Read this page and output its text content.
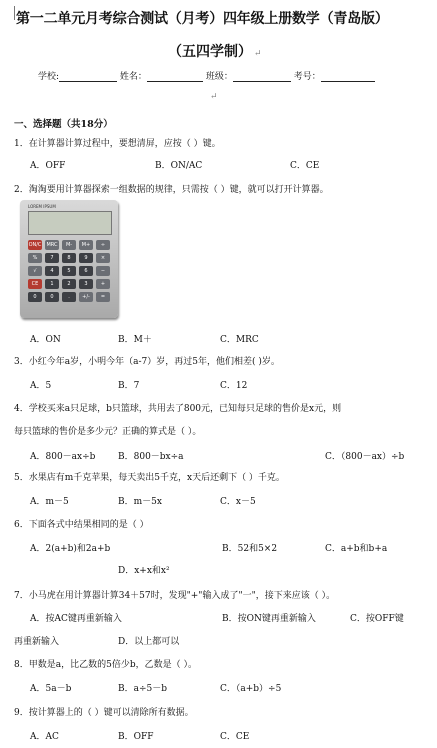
第一二单元月考综合测试（月考）四年级上册数学（青岛版）
（五四学制） ↵
学校:	姓名：	班级：	考号：
↵
一、选择题（共18分）
1．在计算器计算过程中，要想清屏，应按（ ）键。
A．OFF	B．ON/AC	C．CE
2．淘淘要用计算器探索一组数据的规律，只需按（ ）键，就可以打开计算器。
LOREM IPSUM
ON/C MRC	M-	M+	÷
%	7	8	9	×
√	4	5	6	−
CE	1	2	3	+
0	0	.	+/-	=
A．ON	B．M＋	C．MRC
3．小红今年a岁，小明今年（a-7）岁，再过5年，他们相差( )岁。
A．5	B．7	C．12
4．学校买来a只足球，b只篮球，共用去了800元，已知每只足球的售价是x元，则
每只篮球的售价是多少元？正确的算式是（ ）。
A．800－ax÷b	B．800－bx÷a	C．（800－ax）÷b
5．水果店有m千克苹果，每天卖出5千克，x天后还剩下（ ）千克。
A．m－5	B．m－5x	C．x－5
6．下面各式中结果相同的是（ ）
A．2(a+b)和2a+b	B．52和5×2	C．a+b和b+a
D．x+x和x²
7．小马虎在用计算器计算34＋57时，发现"+"输入成了"一"，接下来应该（ ）。
A．按AC键再重新输入	B．按ON键再重新输入	C．按OFF键
再重新输入	D．以上都可以
8．甲数是a，比乙数的5倍少b，乙数是（ ）。
A．5a－b	B．a÷5－b	C．（a+b）÷5
9．按计算器上的（ ）键可以清除所有数据。
A．AC	B．OFF	C．CE
